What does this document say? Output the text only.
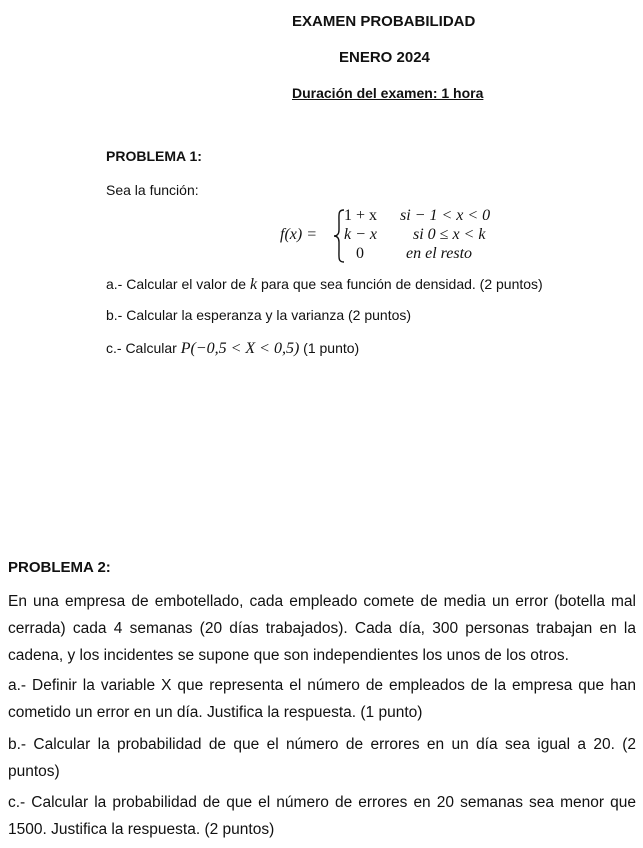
EXAMEN PROBABILIDAD
ENERO 2024
Duración del examen: 1 hora
PROBLEMA 1:
Sea la función:
f(x) =
1 + x si − 1 < x < 0
k − x si 0 ≤ x < k
0	en el resto
a.- Calcular el valor de k para que sea función de densidad. (2 puntos)
b.- Calcular la esperanza y la varianza (2 puntos)
c.- Calcular P(−0,5 < X < 0,5) (1 punto)
PROBLEMA 2:
En una empresa de embotellado, cada empleado comete de media un error (botella mal cerrada) cada 4 semanas (20 días trabajados). Cada día, 300 personas trabajan en la cadena, y los incidentes se supone que son independientes los unos de los otros.
a.- Definir la variable X que representa el número de empleados de la empresa que han cometido un error en un día. Justifica la respuesta. (1 punto)
b.- Calcular la probabilidad de que el número de errores en un día sea igual a 20. (2 puntos)
c.- Calcular la probabilidad de que el número de errores en 20 semanas sea menor que 1500. Justifica la respuesta. (2 puntos)
